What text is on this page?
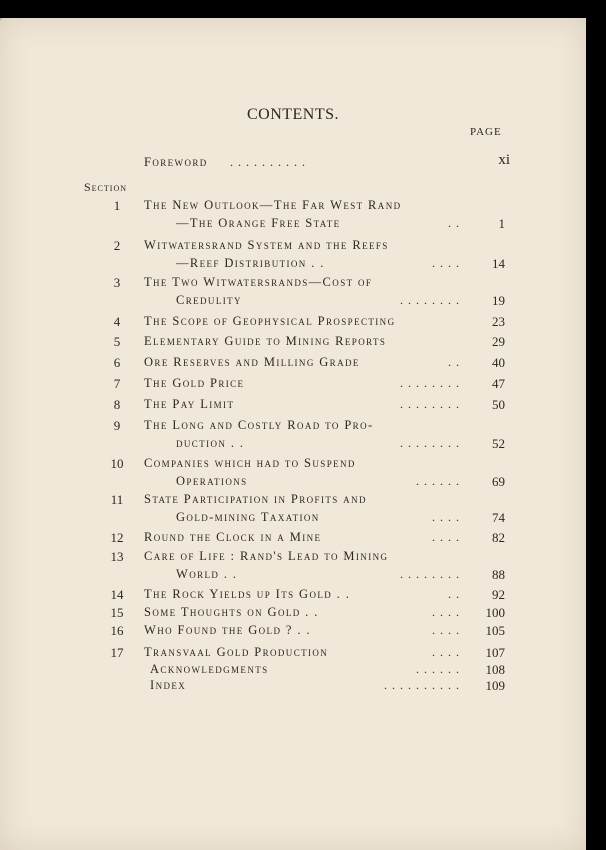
CONTENTS.
PAGE
Foreword . . . . . . . . . .	xi
Section
1	The New Outlook—The Far West Rand
—The Orange Free State	. .	1
2	Witwatersrand System and the Reefs
—Reef Distribution . .	. . . .	14
3	The Two Witwatersrands—Cost of
Credulity	. . . . . . . .	19
4	The Scope of Geophysical Prospecting	23
5	Elementary Guide to Mining Reports	29
6	Ore Reserves and Milling Grade	. .	40
7	The Gold Price	. . . . . . . .	47
8	The Pay Limit	. . . . . . . .	50
9	The Long and Costly Road to Pro-
duction . .	. . . . . . . .	52
10	Companies which had to Suspend
Operations	. . . . . .	69
11	State Participation in Profits and
Gold-mining Taxation	. . . .	74
12	Round the Clock in a Mine	. . . .	82
13	Care of Life : Rand's Lead to Mining
World . .	. . . . . . . .	88
14	The Rock Yields up Its Gold . .	. .	92
15	Some Thoughts on Gold . .	. . . .	100
16	Who Found the Gold ? . .	. . . .	105
17	Transvaal Gold Production	. . . .	107
Acknowledgments	. . . . . .	108
Index	. . . . . . . . . .	109
